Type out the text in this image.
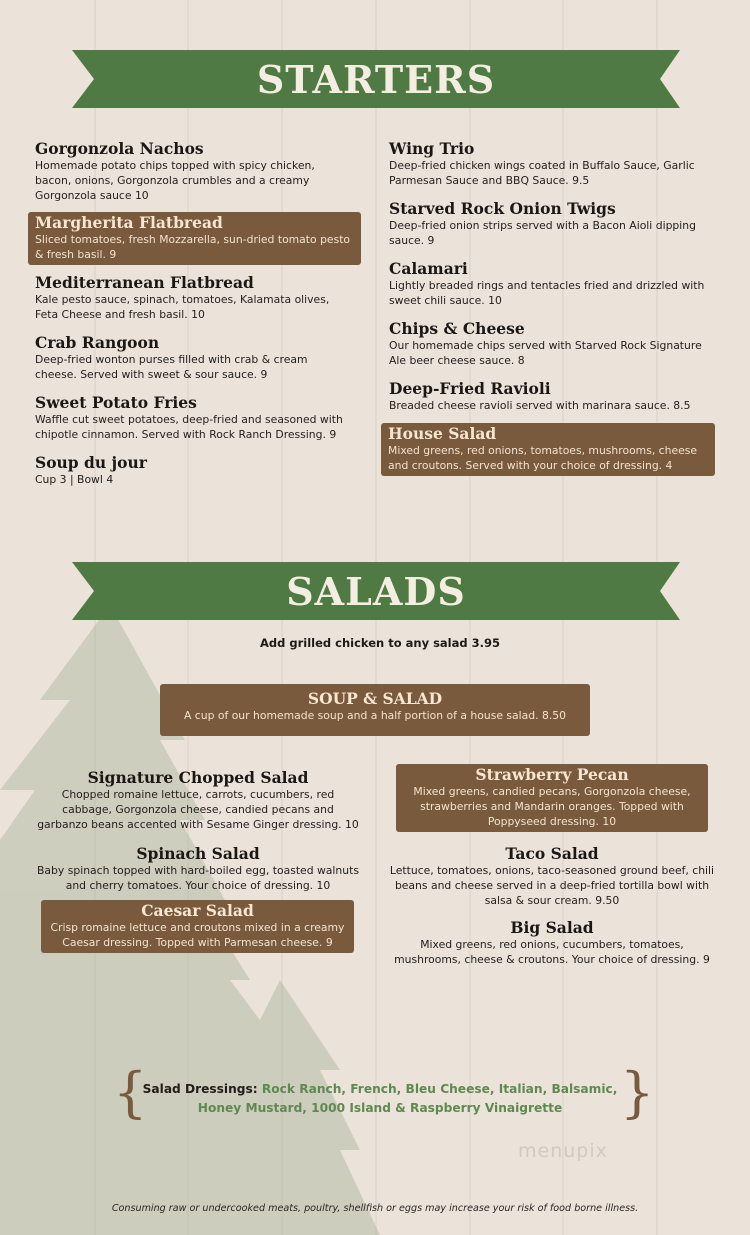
STARTERS
Gorgonzola Nachos
Homemade potato chips topped with spicy chicken, bacon, onions, Gorgonzola crumbles and a creamy Gorgonzola sauce 10
Margherita Flatbread
Sliced tomatoes, fresh Mozzarella, sun-dried tomato pesto & fresh basil. 9
Mediterranean Flatbread
Kale pesto sauce, spinach, tomatoes, Kalamata olives, Feta Cheese and fresh basil. 10
Crab Rangoon
Deep-fried wonton purses filled with crab & cream cheese. Served with sweet & sour sauce. 9
Sweet Potato Fries
Waffle cut sweet potatoes, deep-fried and seasoned with chipotle cinnamon. Served with Rock Ranch Dressing. 9
Soup du jour
Cup 3 | Bowl 4
Wing Trio
Deep-fried chicken wings coated in Buffalo Sauce, Garlic Parmesan Sauce and BBQ Sauce. 9.5
Starved Rock Onion Twigs
Deep-fried onion strips served with a Bacon Aioli dipping sauce. 9
Calamari
Lightly breaded rings and tentacles fried and drizzled with sweet chili sauce. 10
Chips & Cheese
Our homemade chips served with Starved Rock Signature Ale beer cheese sauce. 8
Deep-Fried Ravioli
Breaded cheese ravioli served with marinara sauce. 8.5
House Salad
Mixed greens, red onions, tomatoes, mushrooms, cheese and croutons. Served with your choice of dressing. 4
SALADS
Add grilled chicken to any salad 3.95
SOUP & SALAD
A cup of our homemade soup and a half portion of a house salad. 8.50
Signature Chopped Salad
Chopped romaine lettuce, carrots, cucumbers, red cabbage, Gorgonzola cheese, candied pecans and garbanzo beans accented with Sesame Ginger dressing. 10
Spinach Salad
Baby spinach topped with hard-boiled egg, toasted walnuts and cherry tomatoes. Your choice of dressing. 10
Caesar Salad
Crisp romaine lettuce and croutons mixed in a creamy Caesar dressing. Topped with Parmesan cheese. 9
Strawberry Pecan
Mixed greens, candied pecans, Gorgonzola cheese, strawberries and Mandarin oranges. Topped with Poppyseed dressing. 10
Taco Salad
Lettuce, tomatoes, onions, taco-seasoned ground beef, chili beans and cheese served in a deep-fried tortilla bowl with salsa & sour cream. 9.50
Big Salad
Mixed greens, red onions, cucumbers, tomatoes, mushrooms, cheese & croutons. Your choice of dressing. 9
{	}
Salad Dressings: Rock Ranch, French, Bleu Cheese, Italian, Balsamic, Honey Mustard, 1000 Island & Raspberry Vinaigrette
menupix
Consuming raw or undercooked meats, poultry, shellfish or eggs may increase your risk of food borne illness.
